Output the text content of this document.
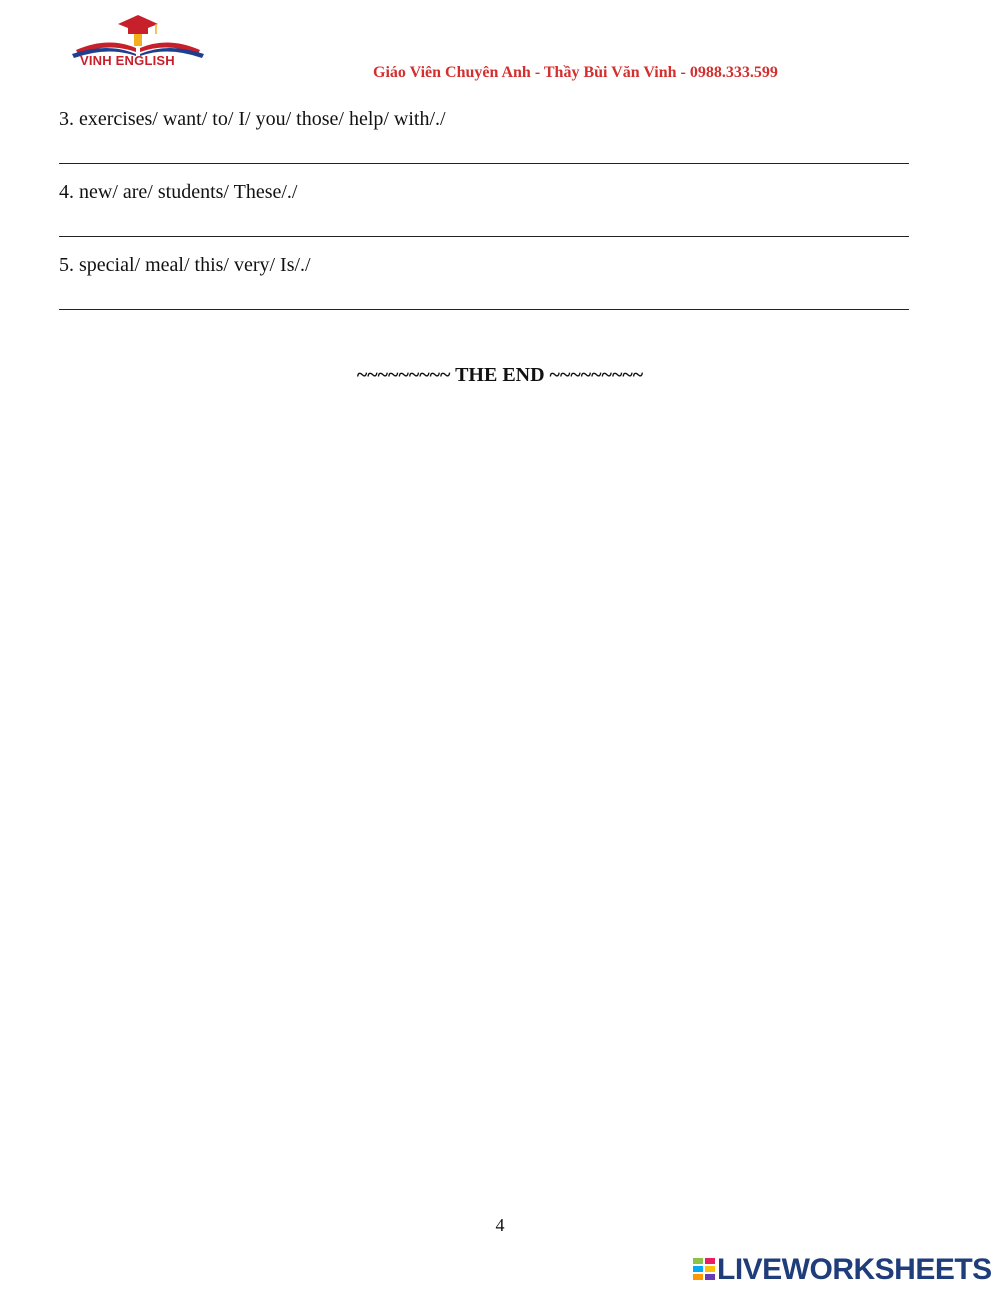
VINH ENGLISH
Giáo Viên Chuyên Anh - Thầy Bùi Văn Vinh - 0988.333.599
3. exercises/ want/ to/ I/ you/ those/ help/ with/./
4. new/ are/ students/ These/./
5. special/ meal/ this/ very/ Is/./
~~~~~~~~~ THE END ~~~~~~~~~
4
LIVEWORKSHEETS
